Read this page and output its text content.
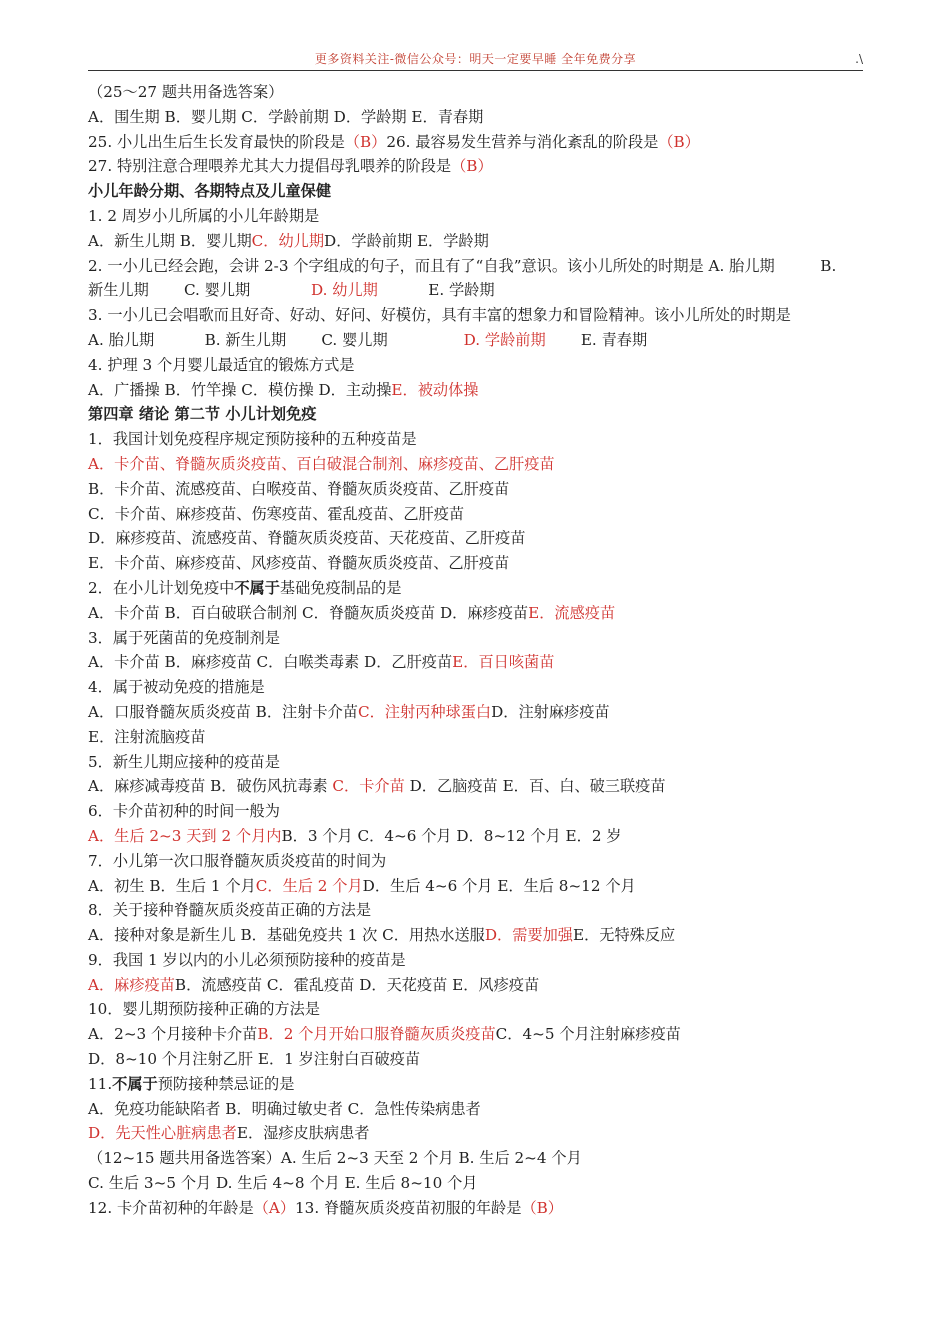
更多资料关注-微信公众号：明天一定要早睡 全年免费分享	.\
（25～27 题共用备选答案）
A．围生期 B．婴儿期 C．学龄前期 D．学龄期 E．青春期
25. 小儿出生后生长发育最快的阶段是（B）26. 最容易发生营养与消化紊乱的阶段是（B）
27. 特别注意合理喂养尤其大力提倡母乳喂养的阶段是（B）
小儿年龄分期、各期特点及儿童保健
1. 2 周岁小儿所属的小儿年龄期是
A．新生儿期 B．婴儿期C．幼儿期D．学龄前期 E．学龄期
2. 一小儿已经会跑，会讲 2-3 个字组成的句子，而且有了“自我”意识。该小儿所处的时期是 A. 胎儿期　　　B.
新生儿期　　 C. 婴儿期　　　　D. 幼儿期　　　 E. 学龄期
3. 一小儿已会唱歌而且好奇、好动、好问、好模仿，具有丰富的想象力和冒险精神。该小儿所处的时期是
A. 胎儿期　　　 B. 新生儿期　　 C. 婴儿期　　　　　D. 学龄前期　　 E. 青春期
4. 护理 3 个月婴儿最适宜的锻炼方式是
A．广播操 B．竹竿操 C．模仿操 D．主动操E．被动体操
第四章 绪论 第二节 小儿计划免疫
1．我国计划免疫程序规定预防接种的五种疫苗是
A．卡介苗、脊髓灰质炎疫苗、百白破混合制剂、麻疹疫苗、乙肝疫苗
B．卡介苗、流感疫苗、白喉疫苗、脊髓灰质炎疫苗、乙肝疫苗
C．卡介苗、麻疹疫苗、伤寒疫苗、霍乱疫苗、乙肝疫苗
D．麻疹疫苗、流感疫苗、脊髓灰质炎疫苗、天花疫苗、乙肝疫苗
E．卡介苗、麻疹疫苗、风疹疫苗、脊髓灰质炎疫苗、乙肝疫苗
2．在小儿计划免疫中不属于基础免疫制品的是
A．卡介苗 B．百白破联合制剂 C．脊髓灰质炎疫苗 D．麻疹疫苗E．流感疫苗
3．属于死菌苗的免疫制剂是
A．卡介苗 B．麻疹疫苗 C．白喉类毒素 D．乙肝疫苗E．百日咳菌苗
4．属于被动免疫的措施是
A．口服脊髓灰质炎疫苗 B．注射卡介苗C．注射丙种球蛋白D．注射麻疹疫苗
E．注射流脑疫苗
5．新生儿期应接种的疫苗是
A．麻疹减毒疫苗 B．破伤风抗毒素 C．卡介苗 D．乙脑疫苗 E．百、白、破三联疫苗
6．卡介苗初种的时间一般为
A．生后 2~3 天到 2 个月内B．3 个月 C．4~6 个月 D．8~12 个月 E．2 岁
7．小儿第一次口服脊髓灰质炎疫苗的时间为
A．初生 B．生后 1 个月C．生后 2 个月D．生后 4~6 个月 E．生后 8~12 个月
8．关于接种脊髓灰质炎疫苗正确的方法是
A．接种对象是新生儿 B．基础免疫共 1 次 C．用热水送服D．需要加强E．无特殊反应
9．我国 1 岁以内的小儿必须预防接种的疫苗是
A．麻疹疫苗B．流感疫苗 C．霍乱疫苗 D．天花疫苗 E．风疹疫苗
10．婴儿期预防接种正确的方法是
A．2~3 个月接种卡介苗B．2 个月开始口服脊髓灰质炎疫苗C．4~5 个月注射麻疹疫苗
D．8~10 个月注射乙肝 E．1 岁注射白百破疫苗
11.不属于预防接种禁忌证的是
A．免疫功能缺陷者 B．明确过敏史者 C．急性传染病患者
D．先天性心脏病患者E．湿疹皮肤病患者
（12~15 题共用备选答案）A. 生后 2~3 天至 2 个月 B. 生后 2~4 个月
C. 生后 3~5 个月 D. 生后 4~8 个月 E. 生后 8~10 个月
12. 卡介苗初种的年龄是（A）13. 脊髓灰质炎疫苗初服的年龄是（B）
